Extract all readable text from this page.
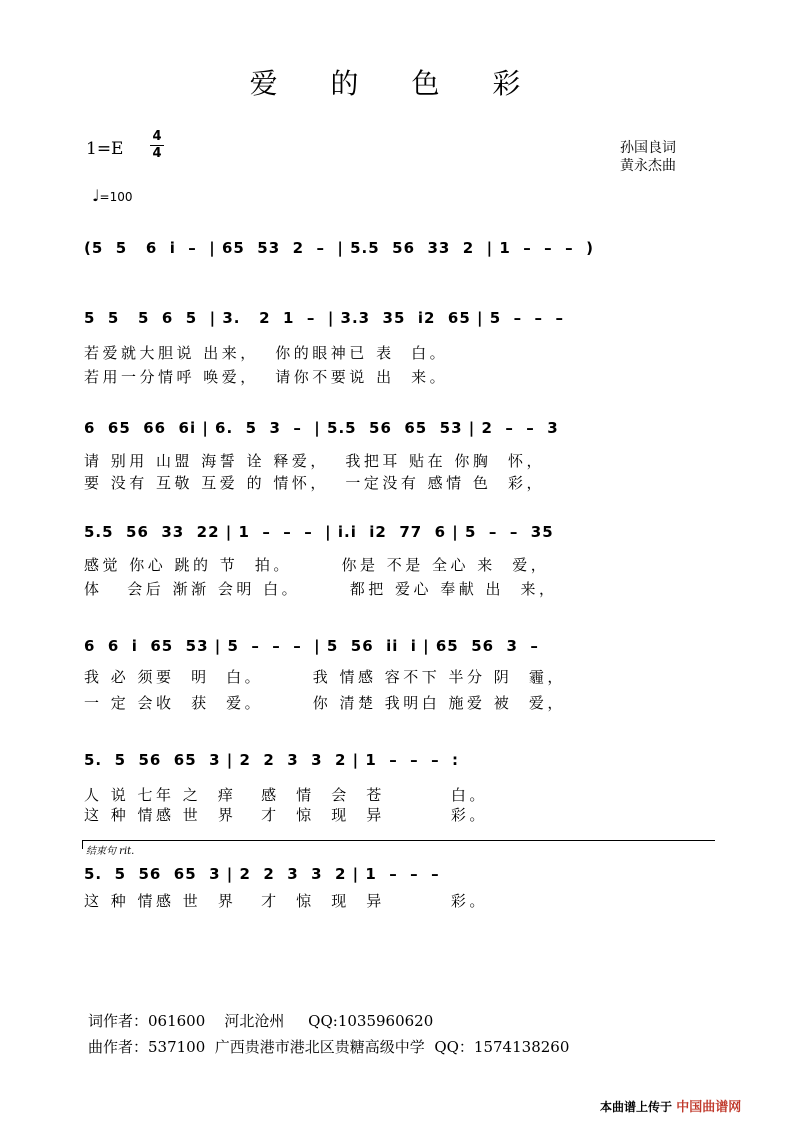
爱 的 色 彩
1=E
4
4	孙国良词
黄永杰曲
♩=100
(5  5   6  i  –  | 65  53  2  –  | 5.5  56  33  2  | 1  –  –  –  )
5  5   5  6  5  | 3.   2  1  –  | 3.3  35  i2  65 | 5  –  –  –
若爱就大胆说 出来，  你的眼神已 表  白。
若用一分情呼 唤爱，  请你不要说 出  来。
6  65  66  6i | 6.  5  3  –  | 5.5  56  65  53 | 2  –  –  3
请 别用 山盟 海誓 诠 释爱，  我把耳 贴在 你胸  怀，
要 没有 互敬 互爱 的 情怀，  一定没有 感情 色  彩，
5.5  56  33  22 | 1  –  –  –  | i.i  i2  77  6 | 5  –  –  35
感觉 你心 跳的 节  拍。      你是 不是 全心 来  爱，
体   会后 渐渐 会明 白。      都把 爱心 奉献 出  来，
6  6  i  65  53 | 5  –  –  –  | 5  56  ii  i | 65  56  3  –
我 必 须要  明  白。      我 情感 容不下 半分 阴  霾，
一 定 会收  获  爱。      你 清楚 我明白 施爱 被  爱，
5.  5  56  65  3 | 2  2  3  3  2 | 1  –  –  –  :
人 说 七年 之  痒   感  情  会  苍        白。
这 种 情感 世  界   才  惊  现  异        彩。
结束句 rit.
5.  5  56  65  3 | 2  2  3  3  2 | 1  –  –  –
这 种 情感 世  界   才  惊  现  异        彩。
词作者：061600    河北沧州     QQ:1035960620
曲作者：537100  广西贵港市港北区贵糖高级中学  QQ：1574138260
本曲谱上传于 中国曲谱网
